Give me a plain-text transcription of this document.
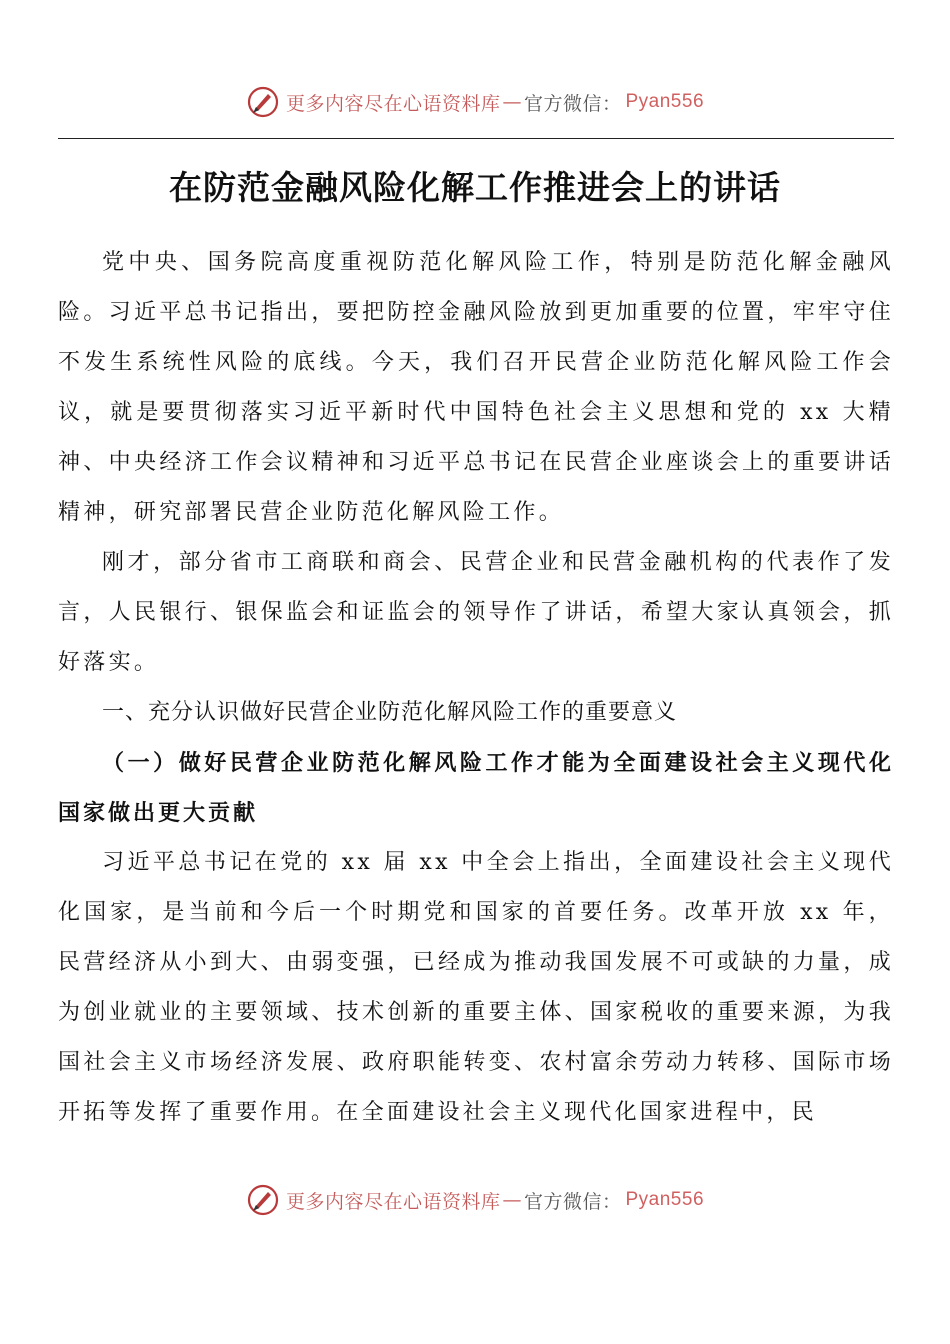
更多内容尽在心语资料库 — 官方微信： Pyan556
在防范金融风险化解工作推进会上的讲话

党中央、国务院高度重视防范化解风险工作，特别是防范化解金融风险。习近平总书记指出，要把防控金融风险放到更加重要的位置，牢牢守住不发生系统性风险的底线。今天，我们召开民营企业防范化解风险工作会议，就是要贯彻落实习近平新时代中国特色社会主义思想和党的 xx 大精神、中央经济工作会议精神和习近平总书记在民营企业座谈会上的重要讲话精神，研究部署民营企业防范化解风险工作。

刚才，部分省市工商联和商会、民营企业和民营金融机构的代表作了发言，人民银行、银保监会和证监会的领导作了讲话，希望大家认真领会，抓好落实。

一、充分认识做好民营企业防范化解风险工作的重要意义

（一）做好民营企业防范化解风险工作才能为全面建设社会主义现代化国家做出更大贡献

习近平总书记在党的 xx 届 xx 中全会上指出，全面建设社会主义现代化国家，是当前和今后一个时期党和国家的首要任务。改革开放 xx 年，民营经济从小到大、由弱变强，已经成为推动我国发展不可或缺的力量，成为创业就业的主要领域、技术创新的重要主体、国家税收的重要来源，为我国社会主义市场经济发展、政府职能转变、农村富余劳动力转移、国际市场开拓等发挥了重要作用。在全面建设社会主义现代化国家进程中，民

更多内容尽在心语资料库 — 官方微信： Pyan556
